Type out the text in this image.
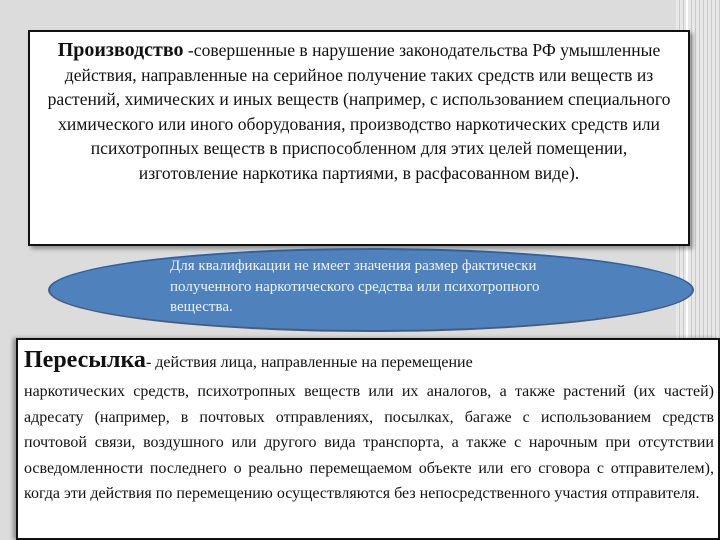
Производство -совершенные в нарушение законодательства РФ умышленные действия, направленные на серийное получение таких средств или веществ из растений, химических и иных веществ (например, с использованием специального химического или иного оборудования, производство наркотических средств или психотропных веществ в приспособленном для этих целей помещении, изготовление наркотика партиями, в расфасованном виде).
Для квалификации не имеет значения размер фактически полученного наркотического средства или психотропного вещества.
Пересылка- действия лица, направленные на перемещение
наркотических средств, психотропных веществ или их аналогов, а также растений (их частей) адресату (например, в почтовых отправлениях, посылках, багаже с использованием средств почтовой связи, воздушного или другого вида транспорта, а также с нарочным при отсутствии осведомленности последнего о реально перемещаемом объекте или его сговора с отправителем), когда эти действия по перемещению осуществляются без непосредственного участия отправителя.
